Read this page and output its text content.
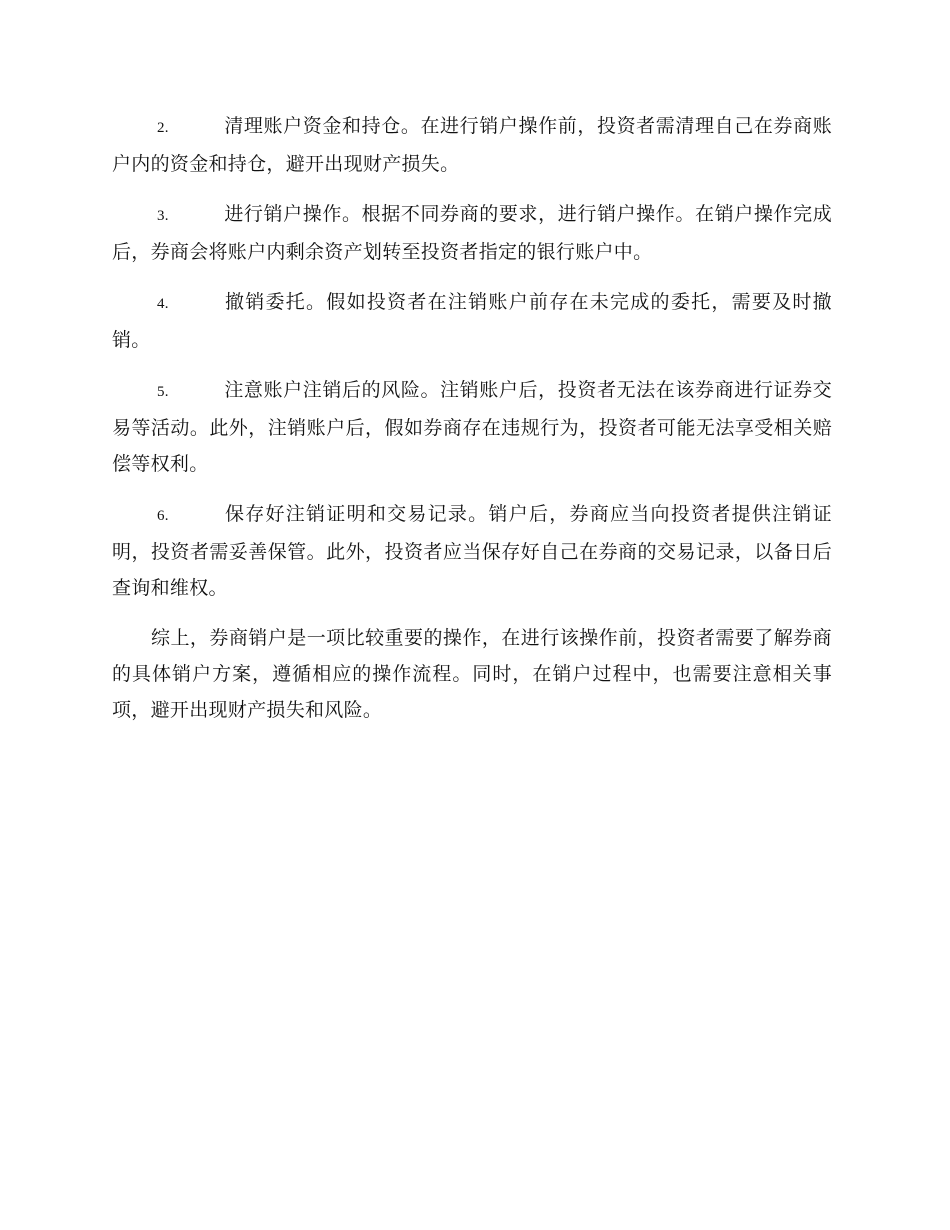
2.	清理账户资金和持仓。在进行销户操作前，投资者需清理自己在券商账户内的资金和持仓，避开出现财产损失。

3.	进行销户操作。根据不同券商的要求，进行销户操作。在销户操作完成后，券商会将账户内剩余资产划转至投资者指定的银行账户中。

4.	撤销委托。假如投资者在注销账户前存在未完成的委托，需要及时撤销。

5.	注意账户注销后的风险。注销账户后，投资者无法在该券商进行证券交易等活动。此外，注销账户后，假如券商存在违规行为，投资者可能无法享受相关赔偿等权利。

6.	保存好注销证明和交易记录。销户后，券商应当向投资者提供注销证明，投资者需妥善保管。此外，投资者应当保存好自己在券商的交易记录，以备日后查询和维权。

综上，券商销户是一项比较重要的操作，在进行该操作前，投资者需要了解券商的具体销户方案，遵循相应的操作流程。同时，在销户过程中，也需要注意相关事项，避开出现财产损失和风险。
